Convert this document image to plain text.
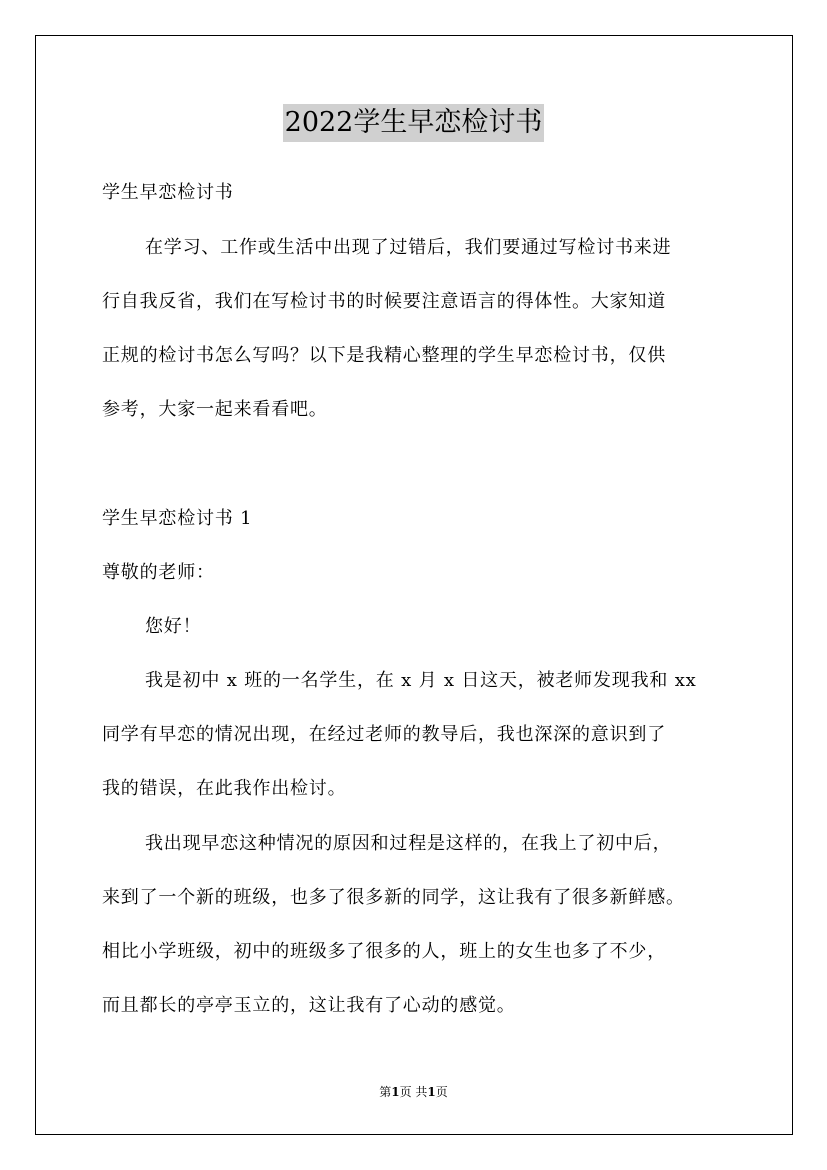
2022学生早恋检讨书
学生早恋检讨书
在学习、工作或生活中出现了过错后，我们要通过写检讨书来进
行自我反省，我们在写检讨书的时候要注意语言的得体性。大家知道
正规的检讨书怎么写吗？以下是我精心整理的学生早恋检讨书，仅供
参考，大家一起来看看吧。
学生早恋检讨书 1
尊敬的老师：
您好！
我是初中 x 班的一名学生，在 x 月 x 日这天，被老师发现我和 xx
同学有早恋的情况出现，在经过老师的教导后，我也深深的意识到了
我的错误，在此我作出检讨。
我出现早恋这种情况的原因和过程是这样的，在我上了初中后，
来到了一个新的班级，也多了很多新的同学，这让我有了很多新鲜感。
相比小学班级，初中的班级多了很多的人，班上的女生也多了不少，
而且都长的亭亭玉立的，这让我有了心动的感觉。
第1页 共1页
